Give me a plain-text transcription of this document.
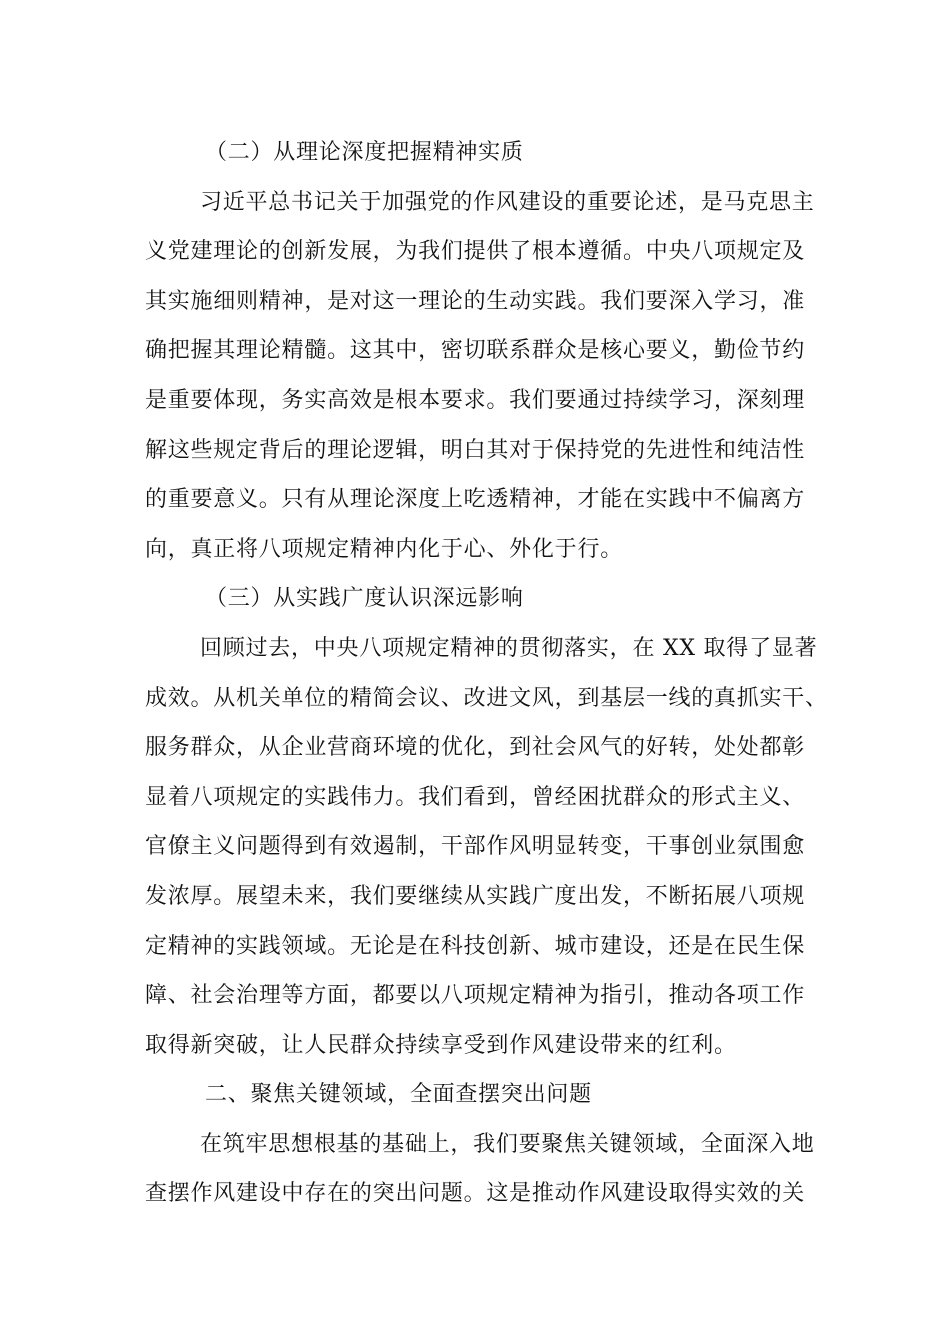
（二）从理论深度把握精神实质
习近平总书记关于加强党的作风建设的重要论述，是马克思主
义党建理论的创新发展，为我们提供了根本遵循。中央八项规定及
其实施细则精神，是对这一理论的生动实践。我们要深入学习，准
确把握其理论精髓。这其中，密切联系群众是核心要义，勤俭节约
是重要体现，务实高效是根本要求。我们要通过持续学习，深刻理
解这些规定背后的理论逻辑，明白其对于保持党的先进性和纯洁性
的重要意义。只有从理论深度上吃透精神，才能在实践中不偏离方
向，真正将八项规定精神内化于心、外化于行。
（三）从实践广度认识深远影响
回顾过去，中央八项规定精神的贯彻落实，在 XX 取得了显著
成效。从机关单位的精简会议、改进文风，到基层一线的真抓实干、
服务群众，从企业营商环境的优化，到社会风气的好转，处处都彰
显着八项规定的实践伟力。我们看到，曾经困扰群众的形式主义、
官僚主义问题得到有效遏制，干部作风明显转变，干事创业氛围愈
发浓厚。展望未来，我们要继续从实践广度出发，不断拓展八项规
定精神的实践领域。无论是在科技创新、城市建设，还是在民生保
障、社会治理等方面，都要以八项规定精神为指引，推动各项工作
取得新突破，让人民群众持续享受到作风建设带来的红利。
二、聚焦关键领域，全面查摆突出问题
在筑牢思想根基的基础上，我们要聚焦关键领域，全面深入地
查摆作风建设中存在的突出问题。这是推动作风建设取得实效的关
